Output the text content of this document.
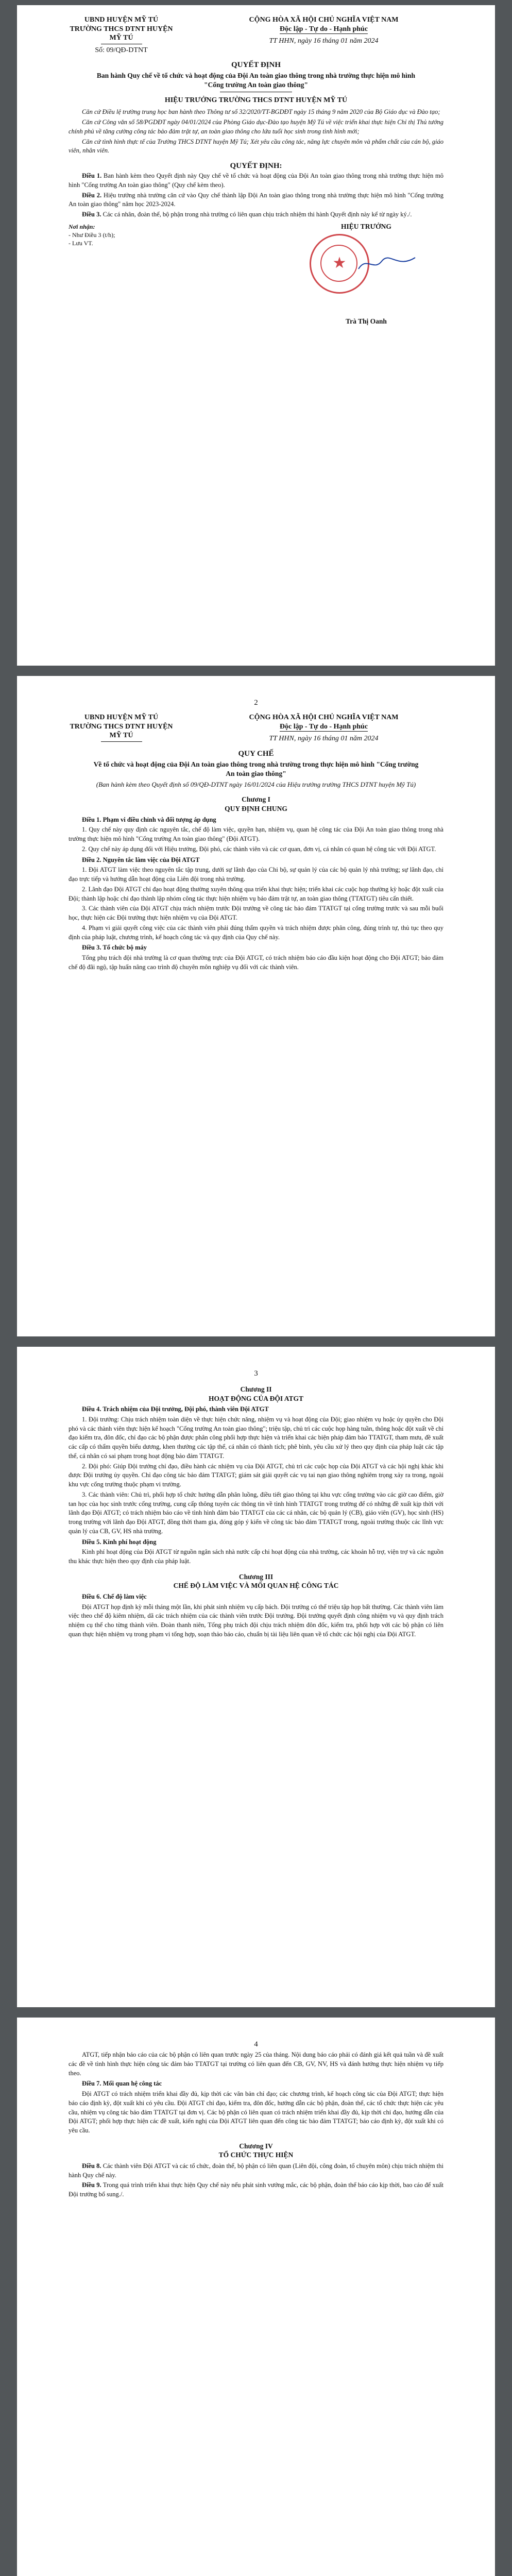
UBND HUYỆN MỸ TÚ
TRƯỜNG THCS DTNT HUYỆN MỸ TÚ
Số: 09/QĐ-DTNT
CỘNG HÒA XÃ HỘI CHỦ NGHĨA VIỆT NAM
Độc lập - Tự do - Hạnh phúc
TT HHN, ngày 16 tháng 01 năm 2024
QUYẾT ĐỊNH
Ban hành Quy chế về tổ chức và hoạt động của Đội An toàn giao thông trong nhà trường thực hiện mô hình "Cổng trường An toàn giao thông"
HIỆU TRƯỞNG TRƯỜNG THCS DTNT HUYỆN MỸ TÚ

Căn cứ Điều lệ trường trung học ban hành theo Thông tư số 32/2020/TT-BGDĐT ngày 15 tháng 9 năm 2020 của Bộ Giáo dục và Đào tạo;

Căn cứ Công văn số 58/PGDĐT ngày 04/01/2024 của Phòng Giáo dục-Đào tạo huyện Mỹ Tú về việc triển khai thực hiện Chỉ thị Thủ tướng chính phủ về tăng cường công tác bảo đảm trật tự, an toàn giao thông cho lứa tuổi học sinh trong tình hình mới;

Căn cứ tình hình thực tế của Trường THCS DTNT huyện Mỹ Tú; Xét yêu cầu công tác, năng lực chuyên môn và phẩm chất của cán bộ, giáo viên, nhân viên.

QUYẾT ĐỊNH:

Điều 1. Ban hành kèm theo Quyết định này Quy chế về tổ chức và hoạt động của Đội An toàn giao thông trong nhà trường thực hiện mô hình "Cổng trường An toàn giao thông" (Quy chế kèm theo).

Điều 2. Hiệu trưởng nhà trường căn cứ vào Quy chế thành lập Đội An toàn giao thông trong nhà trường thực hiện mô hình "Cổng trường An toàn giao thông" năm học 2023-2024.

Điều 3. Các cá nhân, đoàn thể, bộ phận trong nhà trường có liên quan chịu trách nhiệm thi hành Quyết định này kể từ ngày ký./.

Nơi nhận:
- Như Điều 3 (t/h);
- Lưu VT.
HIỆU TRƯỞNG
★
Trà Thị Oanh
2
UBND HUYỆN MỸ TÚ
TRƯỜNG THCS DTNT HUYỆN MỸ TÚ
CỘNG HÒA XÃ HỘI CHỦ NGHĨA VIỆT NAM
Độc lập - Tự do - Hạnh phúc
TT HHN, ngày 16 tháng 01 năm 2024
QUY CHẾ
Về tổ chức và hoạt động của Đội An toàn giao thông trong nhà trường trong thực hiện mô hình "Cổng trường An toàn giao thông"
(Ban hành kèm theo Quyết định số 09/QĐ-DTNT ngày 16/01/2024 của Hiệu trưởng trường THCS DTNT huyện Mỹ Tú)
Chương I
QUY ĐỊNH CHUNG
Điều 1. Phạm vi điều chỉnh và đối tượng áp dụng

1. Quy chế này quy định các nguyên tắc, chế độ làm việc, quyền hạn, nhiệm vụ, quan hệ công tác của Đội An toàn giao thông trong nhà trường thực hiện mô hình "Cổng trường An toàn giao thông" (Đội ATGT).

2. Quy chế này áp dụng đối với Hiệu trưởng, Đội phó, các thành viên và các cơ quan, đơn vị, cá nhân có quan hệ công tác với Đội ATGT.

Điều 2. Nguyên tắc làm việc của Đội ATGT

1. Đội ATGT làm việc theo nguyên tắc tập trung, dưới sự lãnh đạo của Chi bộ, sự quản lý của các bộ quản lý nhà trường; sự lãnh đạo, chỉ đạo trực tiếp và hướng dẫn hoạt động của Liên đội trong nhà trường.

2. Lãnh đạo Đội ATGT chỉ đạo hoạt động thường xuyên thông qua triển khai thực hiện; triển khai các cuộc họp thường kỳ hoặc đột xuất của Đội; thành lập hoặc chỉ đạo thành lập nhóm công tác thực hiện nhiệm vụ bảo đảm trật tự, an toàn giao thông (TTATGT) tiêu cấn thiết.

3. Các thành viên của Đội ATGT chịu trách nhiệm trước Đội trưởng về công tác bảo đảm TTATGT tại cổng trường trước và sau mỗi buổi học, thực hiện các Đội trưởng thực hiện nhiệm vụ của Đội ATGT.

4. Phạm vi giải quyết công việc của các thành viên phải đúng thẩm quyền và trách nhiệm được phân công, đúng trình tự, thủ tục theo quy định của pháp luật, chương trình, kế hoạch công tác và quy định của Quy chế này.

Điều 3. Tổ chức bộ máy

Tổng phụ trách đội nhà trường là cơ quan thường trực của Đội ATGT, có trách nhiệm báo cáo đầu kiện hoạt động cho Đội ATGT; bảo đảm chế độ đãi ngộ, tập huấn nâng cao trình độ chuyên môn nghiệp vụ đối với các thành viên.

3
Chương II
HOẠT ĐỘNG CỦA ĐỘI ATGT
Điều 4. Trách nhiệm của Đội trưởng, Đội phó, thành viên Đội ATGT

1. Đội trưởng: Chịu trách nhiệm toàn diện về thực hiện chức năng, nhiệm vụ và hoạt động của Đội; giao nhiệm vụ hoặc ủy quyền cho Đội phó và các thành viên thực hiện kế hoạch "Cổng trường An toàn giao thông"; triệu tập, chủ trì các cuộc họp hàng tuần, thông hoặc đột xuất về chỉ đạo kiểm tra, đôn đốc, chỉ đạo các bộ phận được phân công phối hợp thực hiện và triển khai các biện pháp đảm bảo TTATGT, tham mưu, đề xuất các cấp có thẩm quyền biểu dương, khen thưởng các tập thể, cá nhân có thành tích; phê bình, yêu cầu xử lý theo quy định của pháp luật các tập thể, cá nhân có sai phạm trong hoạt động bảo đảm TTATGT.

2. Đội phó: Giúp Đội trưởng chỉ đạo, điều hành các nhiệm vụ của Đội ATGT, chủ trì các cuộc họp của Đội ATGT và các hội nghị khác khi được Đội trưởng ủy quyền. Chỉ đạo công tác bảo đảm TTATGT; giám sát giải quyết các vụ tai nạn giao thông nghiêm trọng xảy ra trong, ngoài khu vực cổng trường thuộc phạm vi trường.

3. Các thành viên: Chủ trì, phối hợp tổ chức hướng dẫn phân luồng, điều tiết giao thông tại khu vực cổng trường vào các giờ cao điểm, giờ tan học của học sinh trước cổng trường, cung cấp thông tuyên các thông tin về tình hình TTATGT trong trường để có những đề xuất kịp thời với lãnh đạo Đội ATGT; có trách nhiệm báo cáo về tình hình đảm bảo TTATGT của các cá nhân, các bộ quản lý (CB), giáo viên (GV), học sinh (HS) trong trường với lãnh đạo Đội ATGT, đồng thời tham gia, đóng góp ý kiến về công tác bảo đảm TTATGT trong, ngoài trường thuộc các lĩnh vực quản lý của CB, GV, HS nhà trường.

Điều 5. Kinh phí hoạt động

Kinh phí hoạt động của Đội ATGT từ nguồn ngân sách nhà nước cấp chi hoạt động của nhà trường, các khoản hỗ trợ, viện trợ và các nguồn thu khác thực hiện theo quy định của pháp luật.

Chương III
CHẾ ĐỘ LÀM VIỆC VÀ MỐI QUAN HỆ CÔNG TÁC
Điều 6. Chế độ làm việc

Đội ATGT họp định kỳ mỗi tháng một lần, khi phát sinh nhiệm vụ cấp bách. Đội trưởng có thể triệu tập họp bất thường. Các thành viên làm việc theo chế độ kiêm nhiệm, dã các trách nhiệm của các thành viên trước Đội trưởng. Đội trưởng quyết định công nhiệm vụ và quy định trách nhiệm cụ thể cho từng thành viên. Đoàn thanh niên, Tổng phụ trách đội chịu trách nhiệm đôn đốc, kiểm tra, phối hợp với các bộ phận có liên quan thực hiện nhiệm vụ trong phạm vi tổng hợp, soạn thảo báo cáo, chuẩn bị tài liệu liên quan về tổ chức các hội nghị của Đội ATGT.

4

ATGT, tiếp nhận báo cáo của các bộ phận có liên quan trước ngày 25 của tháng. Nội dung báo cáo phải có đánh giá kết quả tuần và đề xuất các đề về tình hình thực hiện công tác đảm bảo TTATGT tại trường có liên quan đến CB, GV, NV, HS và đánh hướng thực hiện nhiệm vụ tiếp theo.

Điều 7. Mối quan hệ công tác

Đội ATGT có trách nhiệm triển khai đầy đủ, kịp thời các văn bản chỉ đạo; các chương trình, kế hoạch công tác của Đội ATGT; thực hiện báo cáo định kỳ, đột xuất khi có yêu cầu. Đội ATGT chỉ đạo, kiểm tra, đôn đốc, hướng dẫn các bộ phận, đoàn thể, các tổ chức thực hiện các yêu cầu, nhiệm vụ công tác bảo đảm TTATGT tại đơn vị. Các bộ phận có liên quan có trách nhiệm triển khai đầy đủ, kịp thời chỉ đạo, hướng dẫn của Đội ATGT; phối hợp thực hiện các đề xuất, kiến nghị của Đội ATGT liên quan đến công tác bảo đảm TTATGT; báo cáo định kỳ, đột xuất khi có yêu cầu.

Chương IV
TỔ CHỨC THỰC HIỆN

Điều 8. Các thành viên Đội ATGT và các tổ chức, đoàn thể, bộ phận có liên quan (Liên đội, công đoàn, tổ chuyên môn) chịu trách nhiệm thi hành Quy chế này.

Điều 9. Trong quá trình triển khai thực hiện Quy chế này nếu phát sinh vướng mắc, các bộ phận, đoàn thể báo cáo kịp thời, bao cáo để xuất Đội trưởng bổ sung./.
